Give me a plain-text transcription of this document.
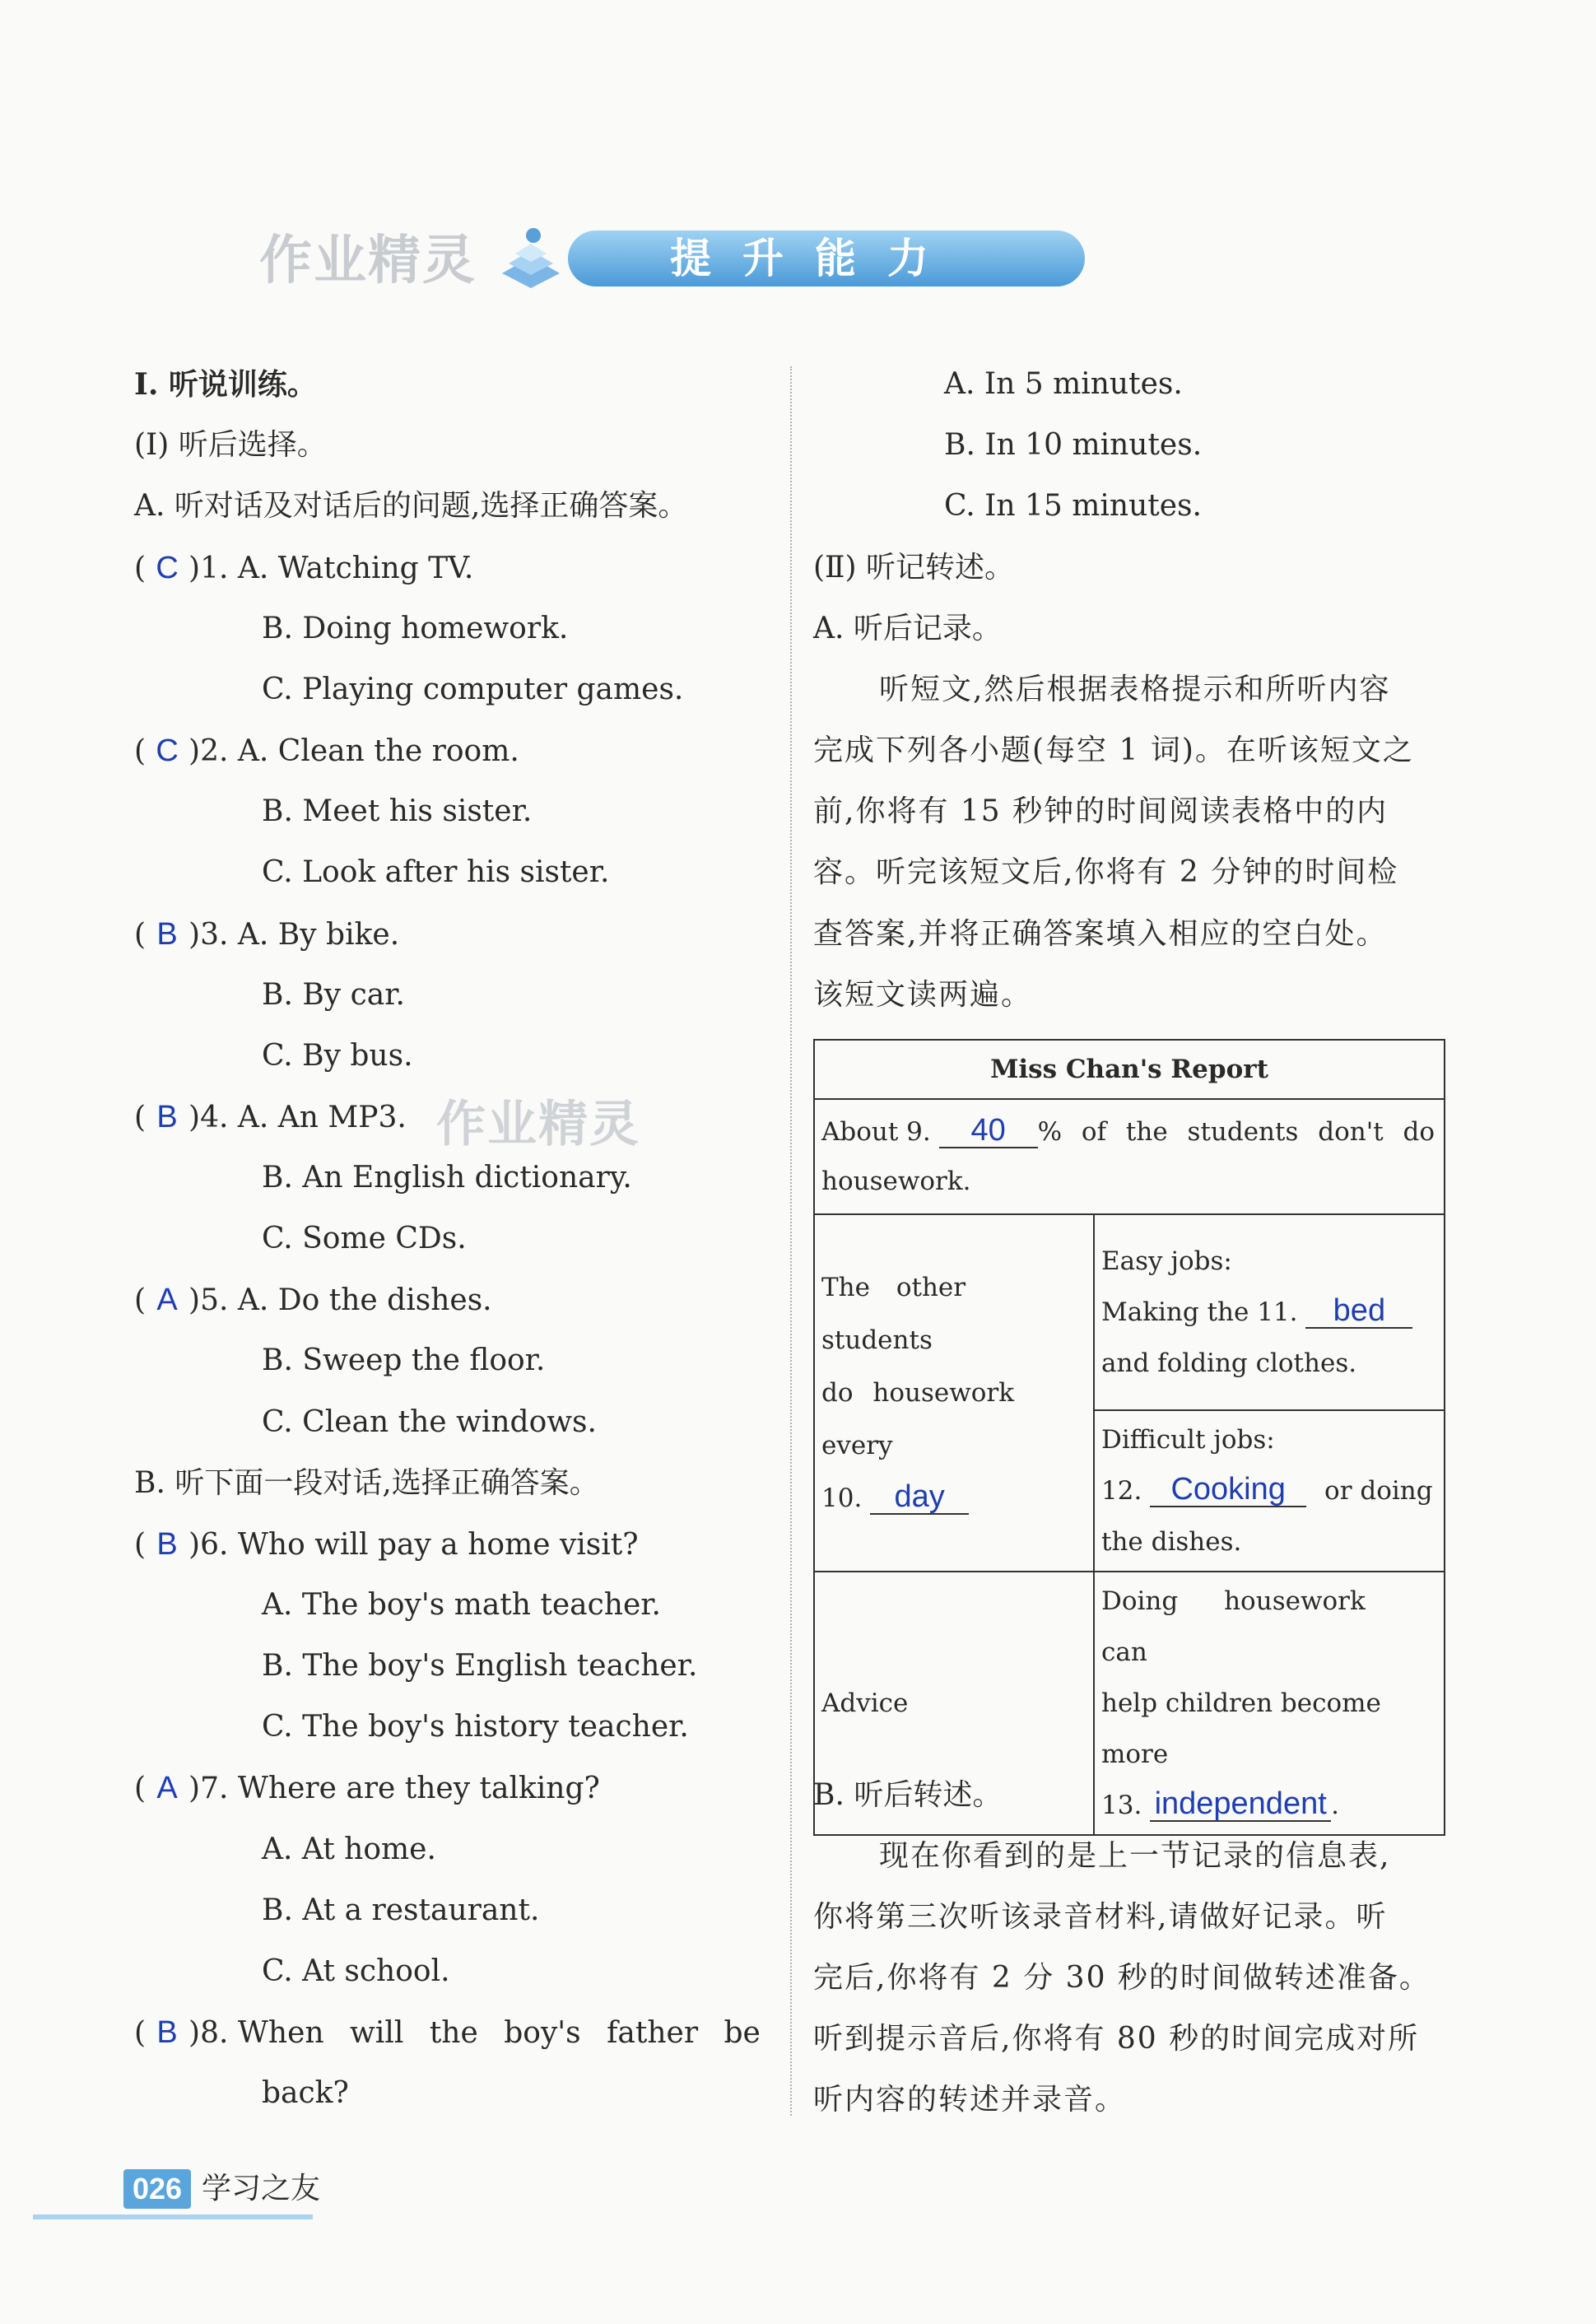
作业精灵	提升能力
Ⅰ. 听说训练。
(Ⅰ) 听后选择。
A. 听对话及对话后的问题,选择正确答案。
( C )1. A. Watching TV.
B. Doing homework.
C. Playing computer games.
( C )2. A. Clean the room.
B. Meet his sister.
C. Look after his sister.
( B )3. A. By bike.
B. By car.
C. By bus.
( B )4. A. An MP3. 作业精灵
B. An English dictionary.
C. Some CDs.
( A )5. A. Do the dishes.
B. Sweep the floor.
C. Clean the windows.
B. 听下面一段对话,选择正确答案。
( B )6. Who will pay a home visit?
A. The boy's math teacher.
B. The boy's English teacher.
C. The boy's history teacher.
( A )7. Where are they talking?
A. At home.
B. At a restaurant.
C. At school.
( B )8. When will the boy's father be
back?
A. In 5 minutes.
B. In 10 minutes.
C. In 15 minutes.
(Ⅱ) 听记转述。
A. 听后记录。
听短文,然后根据表格提示和所听内容
完成下列各小题(每空 1 词)。在听该短文之
前,你将有 15 秒钟的时间阅读表格中的内
容。听完该短文后,你将有 2 分钟的时间检
查答案,并将正确答案填入相应的空白处。
该短文读两遍。
Miss Chan's Report	
About 9. 40 % of the students don't do
housework.	
The other students
do housework every
10. day	Easy jobs:
Making the 11. bed
and folding clothes.
	Difficult jobs:
12. Cooking or doing
the dishes.
Advice	Doing housework can
help children become more
13. independent .
B. 听后转述。
现在你看到的是上一节记录的信息表,
你将第三次听该录音材料,请做好记录。听
完后,你将有 2 分 30 秒的时间做转述准备。
听到提示音后,你将有 80 秒的时间完成对所
听内容的转述并录音。
026 学习之友
